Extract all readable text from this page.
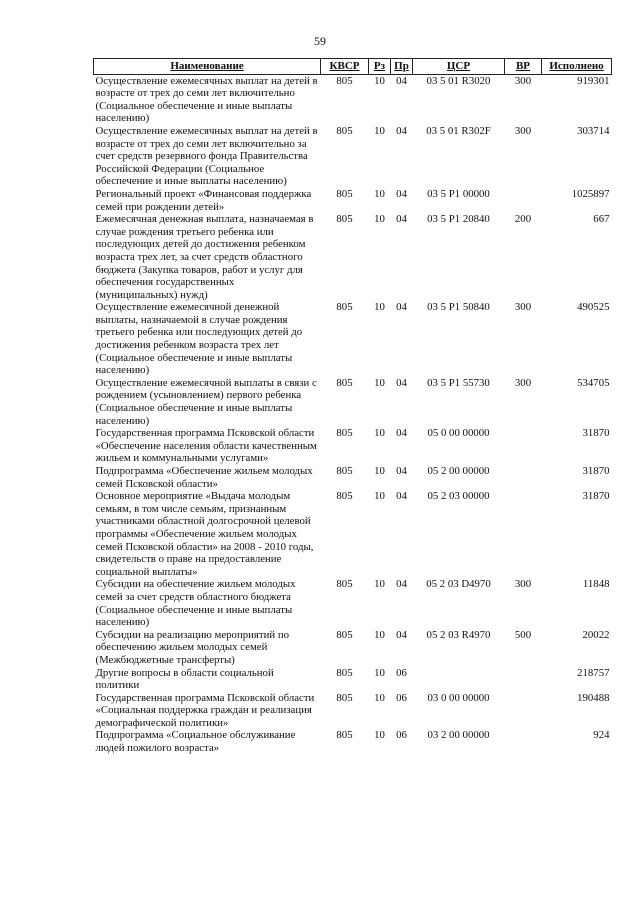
59
Наименование	КВСР	Рз	Пр	ЦСР	ВР	Исполнено
Осуществление ежемесячных выплат на детей в возрасте от трех до семи лет включительно (Социальное обеспечение и иные выплаты населению)	805	10	04	03 5 01 R3020	300	919301
Осуществление ежемесячных выплат на детей в возрасте от трех до семи лет включительно за счет средств резервного фонда Правительства Российской Федерации (Социальное обеспечение и иные выплаты населению)	805	10	04	03 5 01 R302F	300	303714
Региональный проект «Финансовая поддержка семей при рождении детей»	805	10	04	03 5 P1 00000		1025897
Ежемесячная денежная выплата, назначаемая в случае рождения третьего ребенка или последующих детей до достижения ребенком возраста трех лет, за счет средств областного бюджета (Закупка товаров, работ и услуг для обеспечения государственных (муниципальных) нужд)	805	10	04	03 5 P1 20840	200	667
Осуществление ежемесячной денежной выплаты, назначаемой в случае рождения третьего ребенка или последующих детей до достижения ребенком возраста трех лет (Социальное обеспечение и иные выплаты населению)	805	10	04	03 5 P1 50840	300	490525
Осуществление ежемесячной выплаты в связи с рождением (усыновлением) первого ребенка (Социальное обеспечение и иные выплаты населению)	805	10	04	03 5 P1 55730	300	534705
Государственная программа Псковской области «Обеспечение населения области качественным жильем и коммунальными услугами»	805	10	04	05 0 00 00000		31870
Подпрограмма «Обеспечение жильем молодых семей Псковской области»	805	10	04	05 2 00 00000		31870
Основное мероприятие «Выдача молодым семьям, в том числе семьям, признанным участниками областной долгосрочной целевой программы «Обеспечение жильем молодых семей Псковской области» на 2008 - 2010 годы, свидетельств о праве на предоставление социальной выплаты»	805	10	04	05 2 03 00000		31870
Субсидии на обеспечение жильем молодых семей за счет средств областного бюджета (Социальное обеспечение и иные выплаты населению)	805	10	04	05 2 03 D4970	300	11848
Субсидии на реализацию мероприятий по обеспечению жильем молодых семей (Межбюджетные трансферты)	805	10	04	05 2 03 R4970	500	20022
Другие вопросы в области социальной политики	805	10	06			218757
Государственная программа Псковской области «Социальная поддержка граждан и реализация демографической политики»	805	10	06	03 0 00 00000		190488
Подпрограмма «Социальное обслуживание людей пожилого возраста»	805	10	06	03 2 00 00000		924
